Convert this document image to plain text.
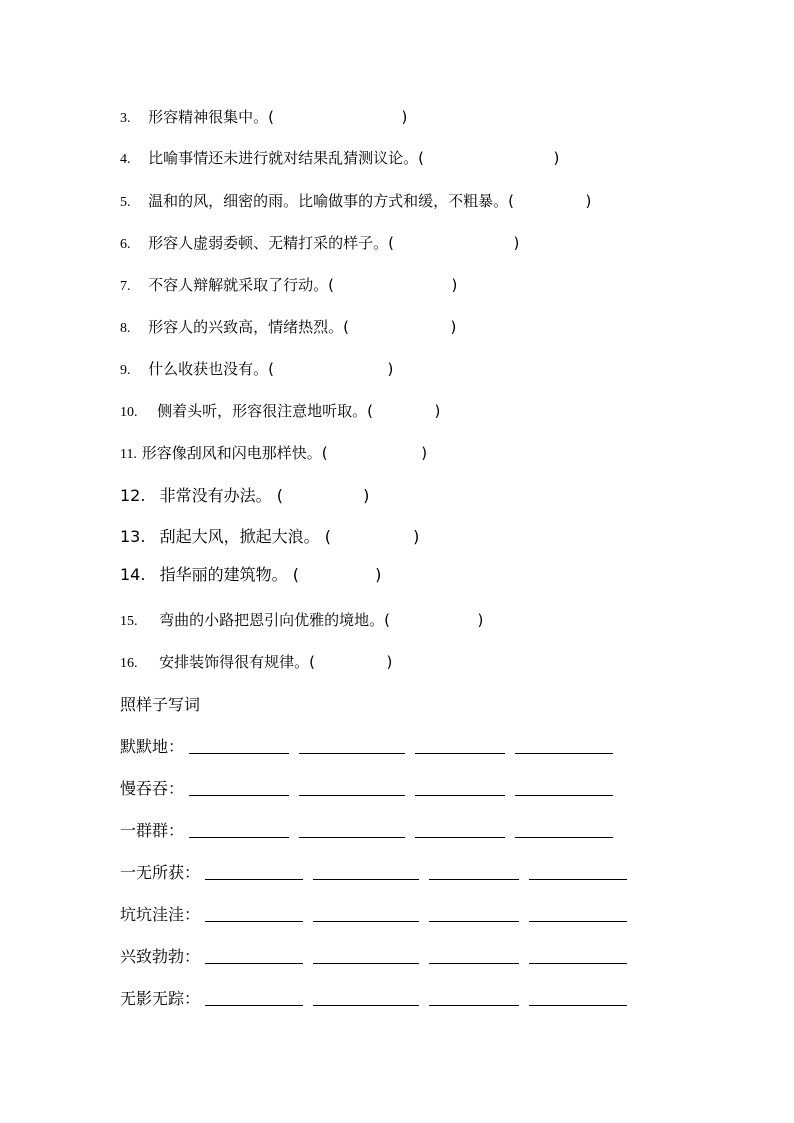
3. 形容精神很集中。(	)
4. 比喻事情还未进行就对结果乱猜测议论。(	)
5. 温和的风，细密的雨。比喻做事的方式和缓，不粗暴。(	)
6. 形容人虚弱委顿、无精打采的样子。(	)
7. 不容人辩解就采取了行动。(	)
8. 形容人的兴致高，情绪热烈。(	)
9. 什么收获也没有。(	)
10. 侧着头听，形容很注意地听取。(	)
11. 形容像刮风和闪电那样快。(	)
12. 非常没有办法。 (	)
13. 刮起大风，掀起大浪。 (	)
14. 指华丽的建筑物。 (	)
15. 弯曲的小路把恩引向优雅的境地。(	)
16. 安排装饰得很有规律。(	)
照样子写词
默默地：
慢吞吞：
一群群：
一无所获：
坑坑洼洼：
兴致勃勃：
无影无踪：
